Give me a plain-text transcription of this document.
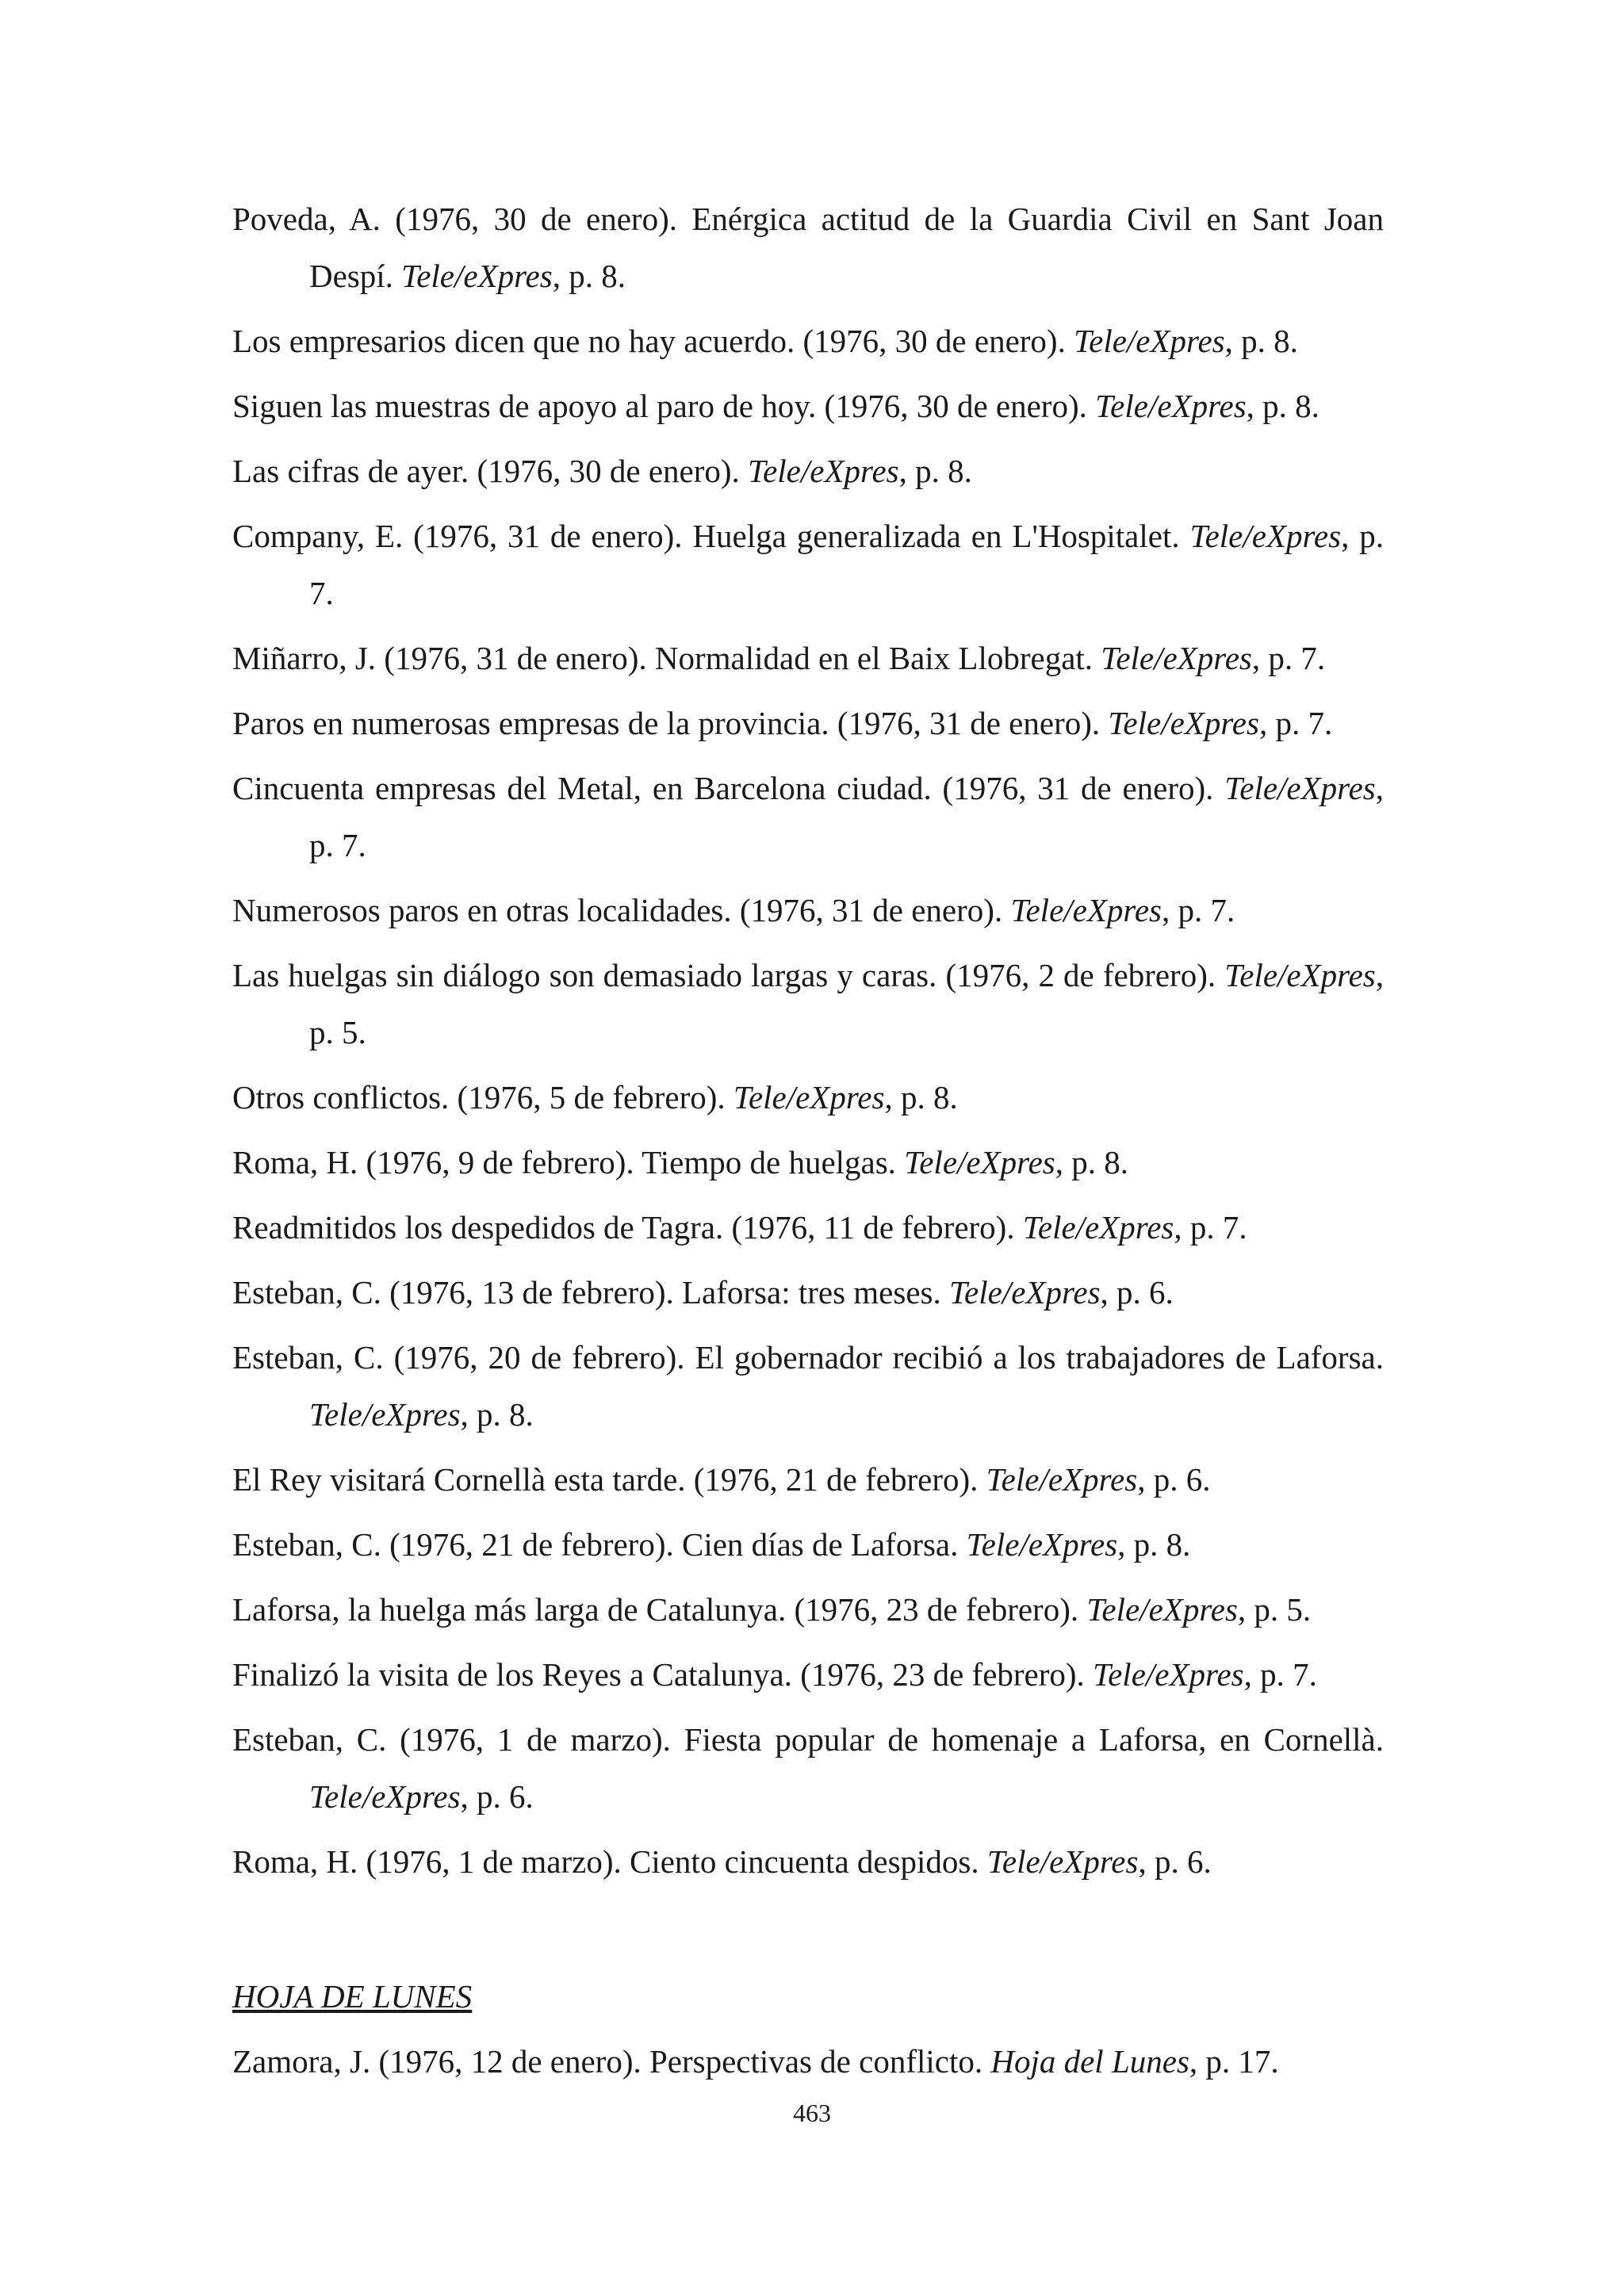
Poveda, A. (1976, 30 de enero). Enérgica actitud de la Guardia Civil en Sant Joan Despí. Tele/eXpres, p. 8.

Los empresarios dicen que no hay acuerdo. (1976, 30 de enero). Tele/eXpres, p. 8.

Siguen las muestras de apoyo al paro de hoy. (1976, 30 de enero). Tele/eXpres, p. 8.

Las cifras de ayer. (1976, 30 de enero). Tele/eXpres, p. 8.

Company, E. (1976, 31 de enero). Huelga generalizada en L'Hospitalet. Tele/eXpres, p. 7.

Miñarro, J. (1976, 31 de enero). Normalidad en el Baix Llobregat. Tele/eXpres, p. 7.

Paros en numerosas empresas de la provincia. (1976, 31 de enero). Tele/eXpres, p. 7.

Cincuenta empresas del Metal, en Barcelona ciudad. (1976, 31 de enero). Tele/eXpres, p. 7.

Numerosos paros en otras localidades. (1976, 31 de enero). Tele/eXpres, p. 7.

Las huelgas sin diálogo son demasiado largas y caras. (1976, 2 de febrero). Tele/eXpres, p. 5.

Otros conflictos. (1976, 5 de febrero). Tele/eXpres, p. 8.

Roma, H. (1976, 9 de febrero). Tiempo de huelgas. Tele/eXpres, p. 8.

Readmitidos los despedidos de Tagra. (1976, 11 de febrero). Tele/eXpres, p. 7.

Esteban, C. (1976, 13 de febrero). Laforsa: tres meses. Tele/eXpres, p. 6.

Esteban, C. (1976, 20 de febrero). El gobernador recibió a los trabajadores de Laforsa. Tele/eXpres, p. 8.

El Rey visitará Cornellà esta tarde. (1976, 21 de febrero). Tele/eXpres, p. 6.

Esteban, C. (1976, 21 de febrero). Cien días de Laforsa. Tele/eXpres, p. 8.

Laforsa, la huelga más larga de Catalunya. (1976, 23 de febrero). Tele/eXpres, p. 5.

Finalizó la visita de los Reyes a Catalunya. (1976, 23 de febrero). Tele/eXpres, p. 7.

Esteban, C. (1976, 1 de marzo). Fiesta popular de homenaje a Laforsa, en Cornellà. Tele/eXpres, p. 6.

Roma, H. (1976, 1 de marzo). Ciento cincuenta despidos. Tele/eXpres, p. 6.

HOJA DE LUNES

Zamora, J. (1976, 12 de enero). Perspectivas de conflicto. Hoja del Lunes, p. 17.

463
